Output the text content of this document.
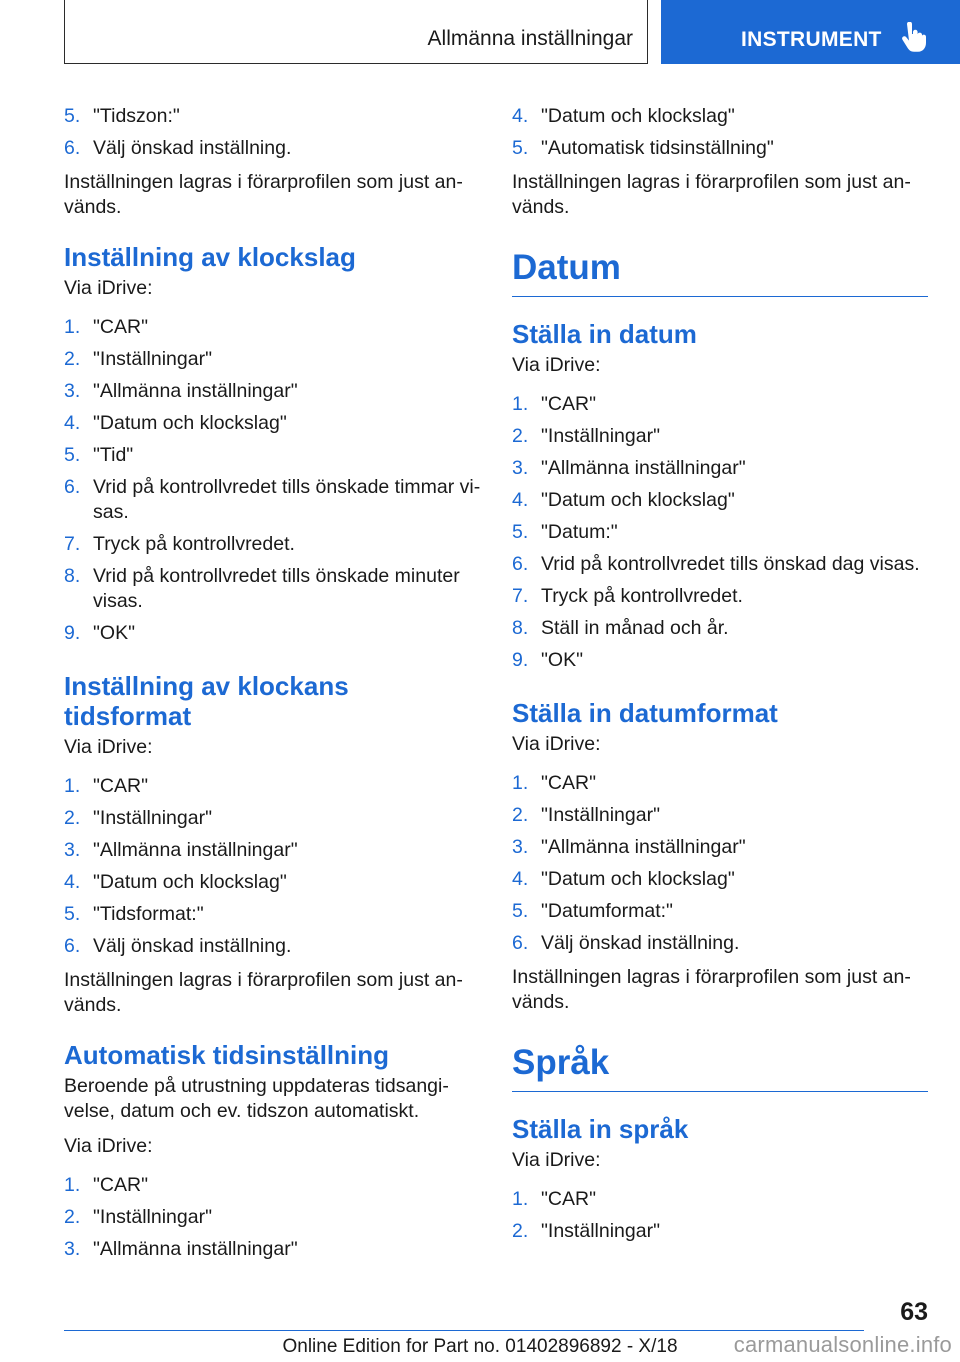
Allmänna inställningar	INSTRUMENT
5. "Tidszon:"
6. Välj önskad inställning.

Inställningen lagras i förarprofilen som just används.

Inställning av klockslag
Via iDrive:
1. "CAR"
2. "Inställningar"
3. "Allmänna inställningar"
4. "Datum och klockslag"
5. "Tid"
6. Vrid på kontrollvredet tills önskade timmar visas.
7. Tryck på kontrollvredet.
8. Vrid på kontrollvredet tills önskade minuter visas.
9. "OK"
Inställning av klockans tidsformat
Via iDrive:
1. "CAR"
2. "Inställningar"
3. "Allmänna inställningar"
4. "Datum och klockslag"
5. "Tidsformat:"
6. Välj önskad inställning.

Inställningen lagras i förarprofilen som just används.

Automatisk tidsinställning

Beroende på utrustning uppdateras tidsangivelse, datum och ev. tidszon automatiskt.

Via iDrive:
1. "CAR"
2. "Inställningar"
3. "Allmänna inställningar"
4. "Datum och klockslag"
5. "Automatisk tidsinställning"

Inställningen lagras i förarprofilen som just används.

Datum
Ställa in datum
Via iDrive:
1. "CAR"
2. "Inställningar"
3. "Allmänna inställningar"
4. "Datum och klockslag"
5. "Datum:"
6. Vrid på kontrollvredet tills önskad dag visas.
7. Tryck på kontrollvredet.
8. Ställ in månad och år.
9. "OK"
Ställa in datumformat
Via iDrive:
1. "CAR"
2. "Inställningar"
3. "Allmänna inställningar"
4. "Datum och klockslag"
5. "Datumformat:"
6. Välj önskad inställning.

Inställningen lagras i förarprofilen som just används.

Språk
Ställa in språk
Via iDrive:
1. "CAR"
2. "Inställningar"
63
Online Edition for Part no. 01402896892 - X/18	carmanualsonline.info
